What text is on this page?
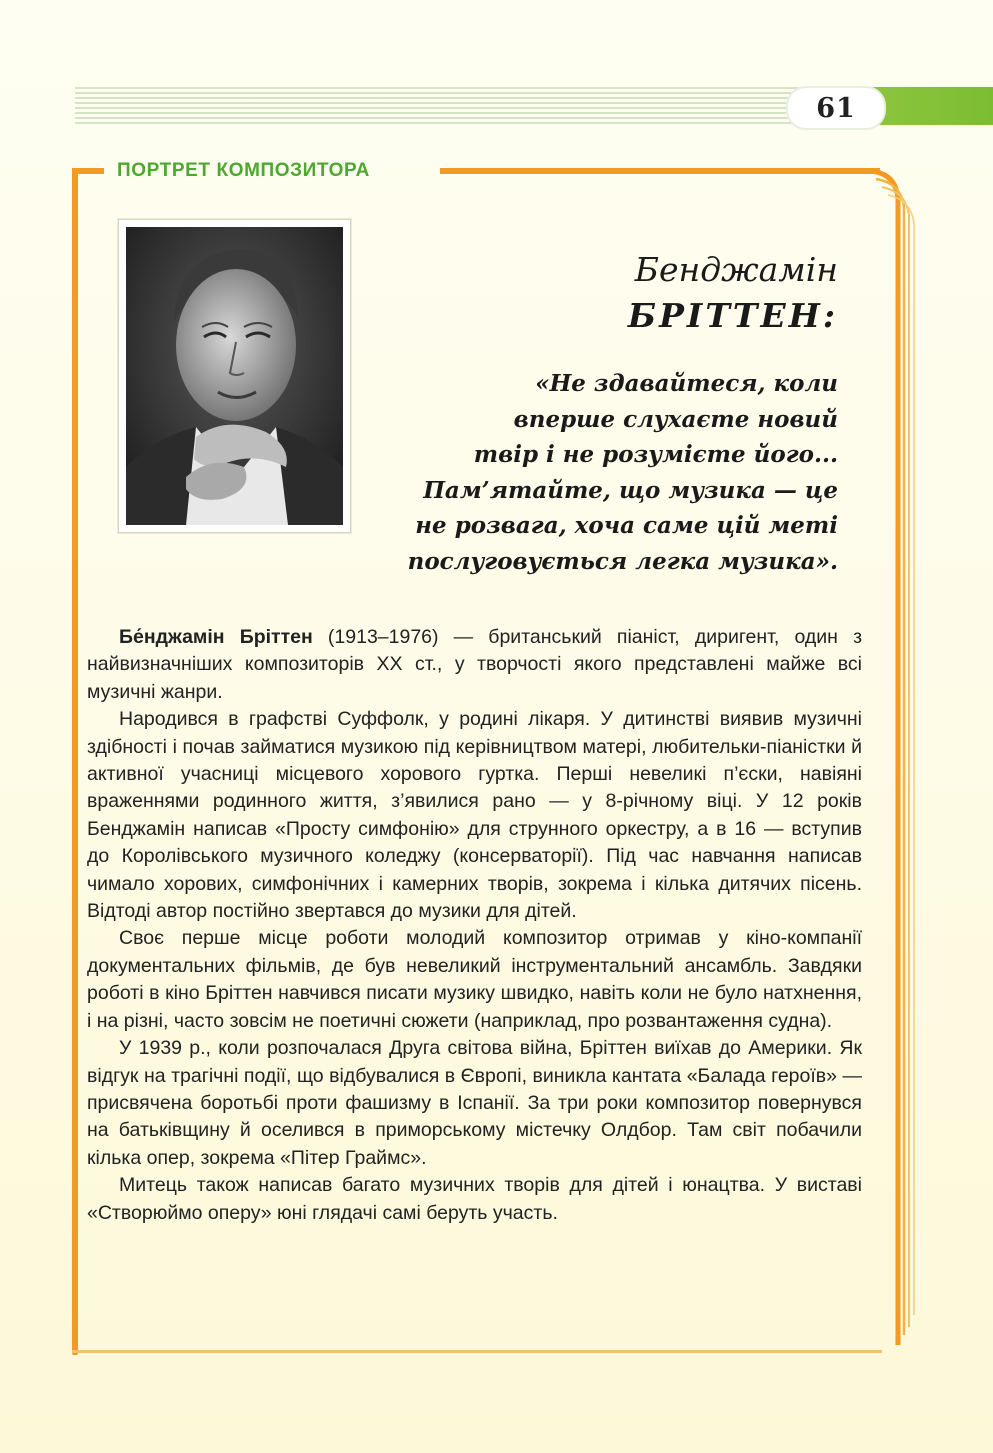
61
ПОРТРЕТ КОМПОЗИТОРА
Бенджамін
БРІТТЕН:
«Не здавайтеся, коли
вперше слухаєте новий
твір і не розумієте його...
Пам’ятайте, що музика — це
не розвага, хоча саме цій меті
послуговується легка музика».

Бе́нджамін Бріттен (1913–1976) — британський піаніст, диригент, один з найвизначніших композиторів XX ст., у творчості якого представлені майже всі музичні жанри.

Народився в графстві Суффолк, у родині лікаря. У дитинстві виявив музичні здібності і почав займатися музикою під керівництвом матері, любительки-піаністки й активної учасниці місцевого хорового гуртка. Перші невеликі п’єски, навіяні враженнями родинного життя, з’явилися рано — у 8-річному віці. У 12 років Бенджамін написав «Просту симфонію» для струнного оркестру, а в 16 — вступив до Королівського музичного коледжу (консерваторії). Під час навчання написав чимало хорових, симфонічних і камерних творів, зокрема і кілька дитячих пісень. Відтоді автор постійно звертався до музики для дітей.

Своє перше місце роботи молодий композитор отримав у кіно-компанії документальних фільмів, де був невеликий інструментальний ансамбль. Завдяки роботі в кіно Бріттен навчився писати музику швидко, навіть коли не було натхнення, і на різні, часто зовсім не поетичні сюжети (наприклад, про розвантаження судна).

У 1939 р., коли розпочалася Друга світова війна, Бріттен виїхав до Америки. Як відгук на трагічні події, що відбувалися в Європі, виникла кантата «Балада героїв» — присвячена боротьбі проти фашизму в Іспанії. За три роки композитор повернувся на батьківщину й оселився в приморському містечку Олдбор. Там світ побачили кілька опер, зокрема «Пітер Граймс».

Митець також написав багато музичних творів для дітей і юнацтва. У виставі «Створюймо оперу» юні глядачі самі беруть участь.
